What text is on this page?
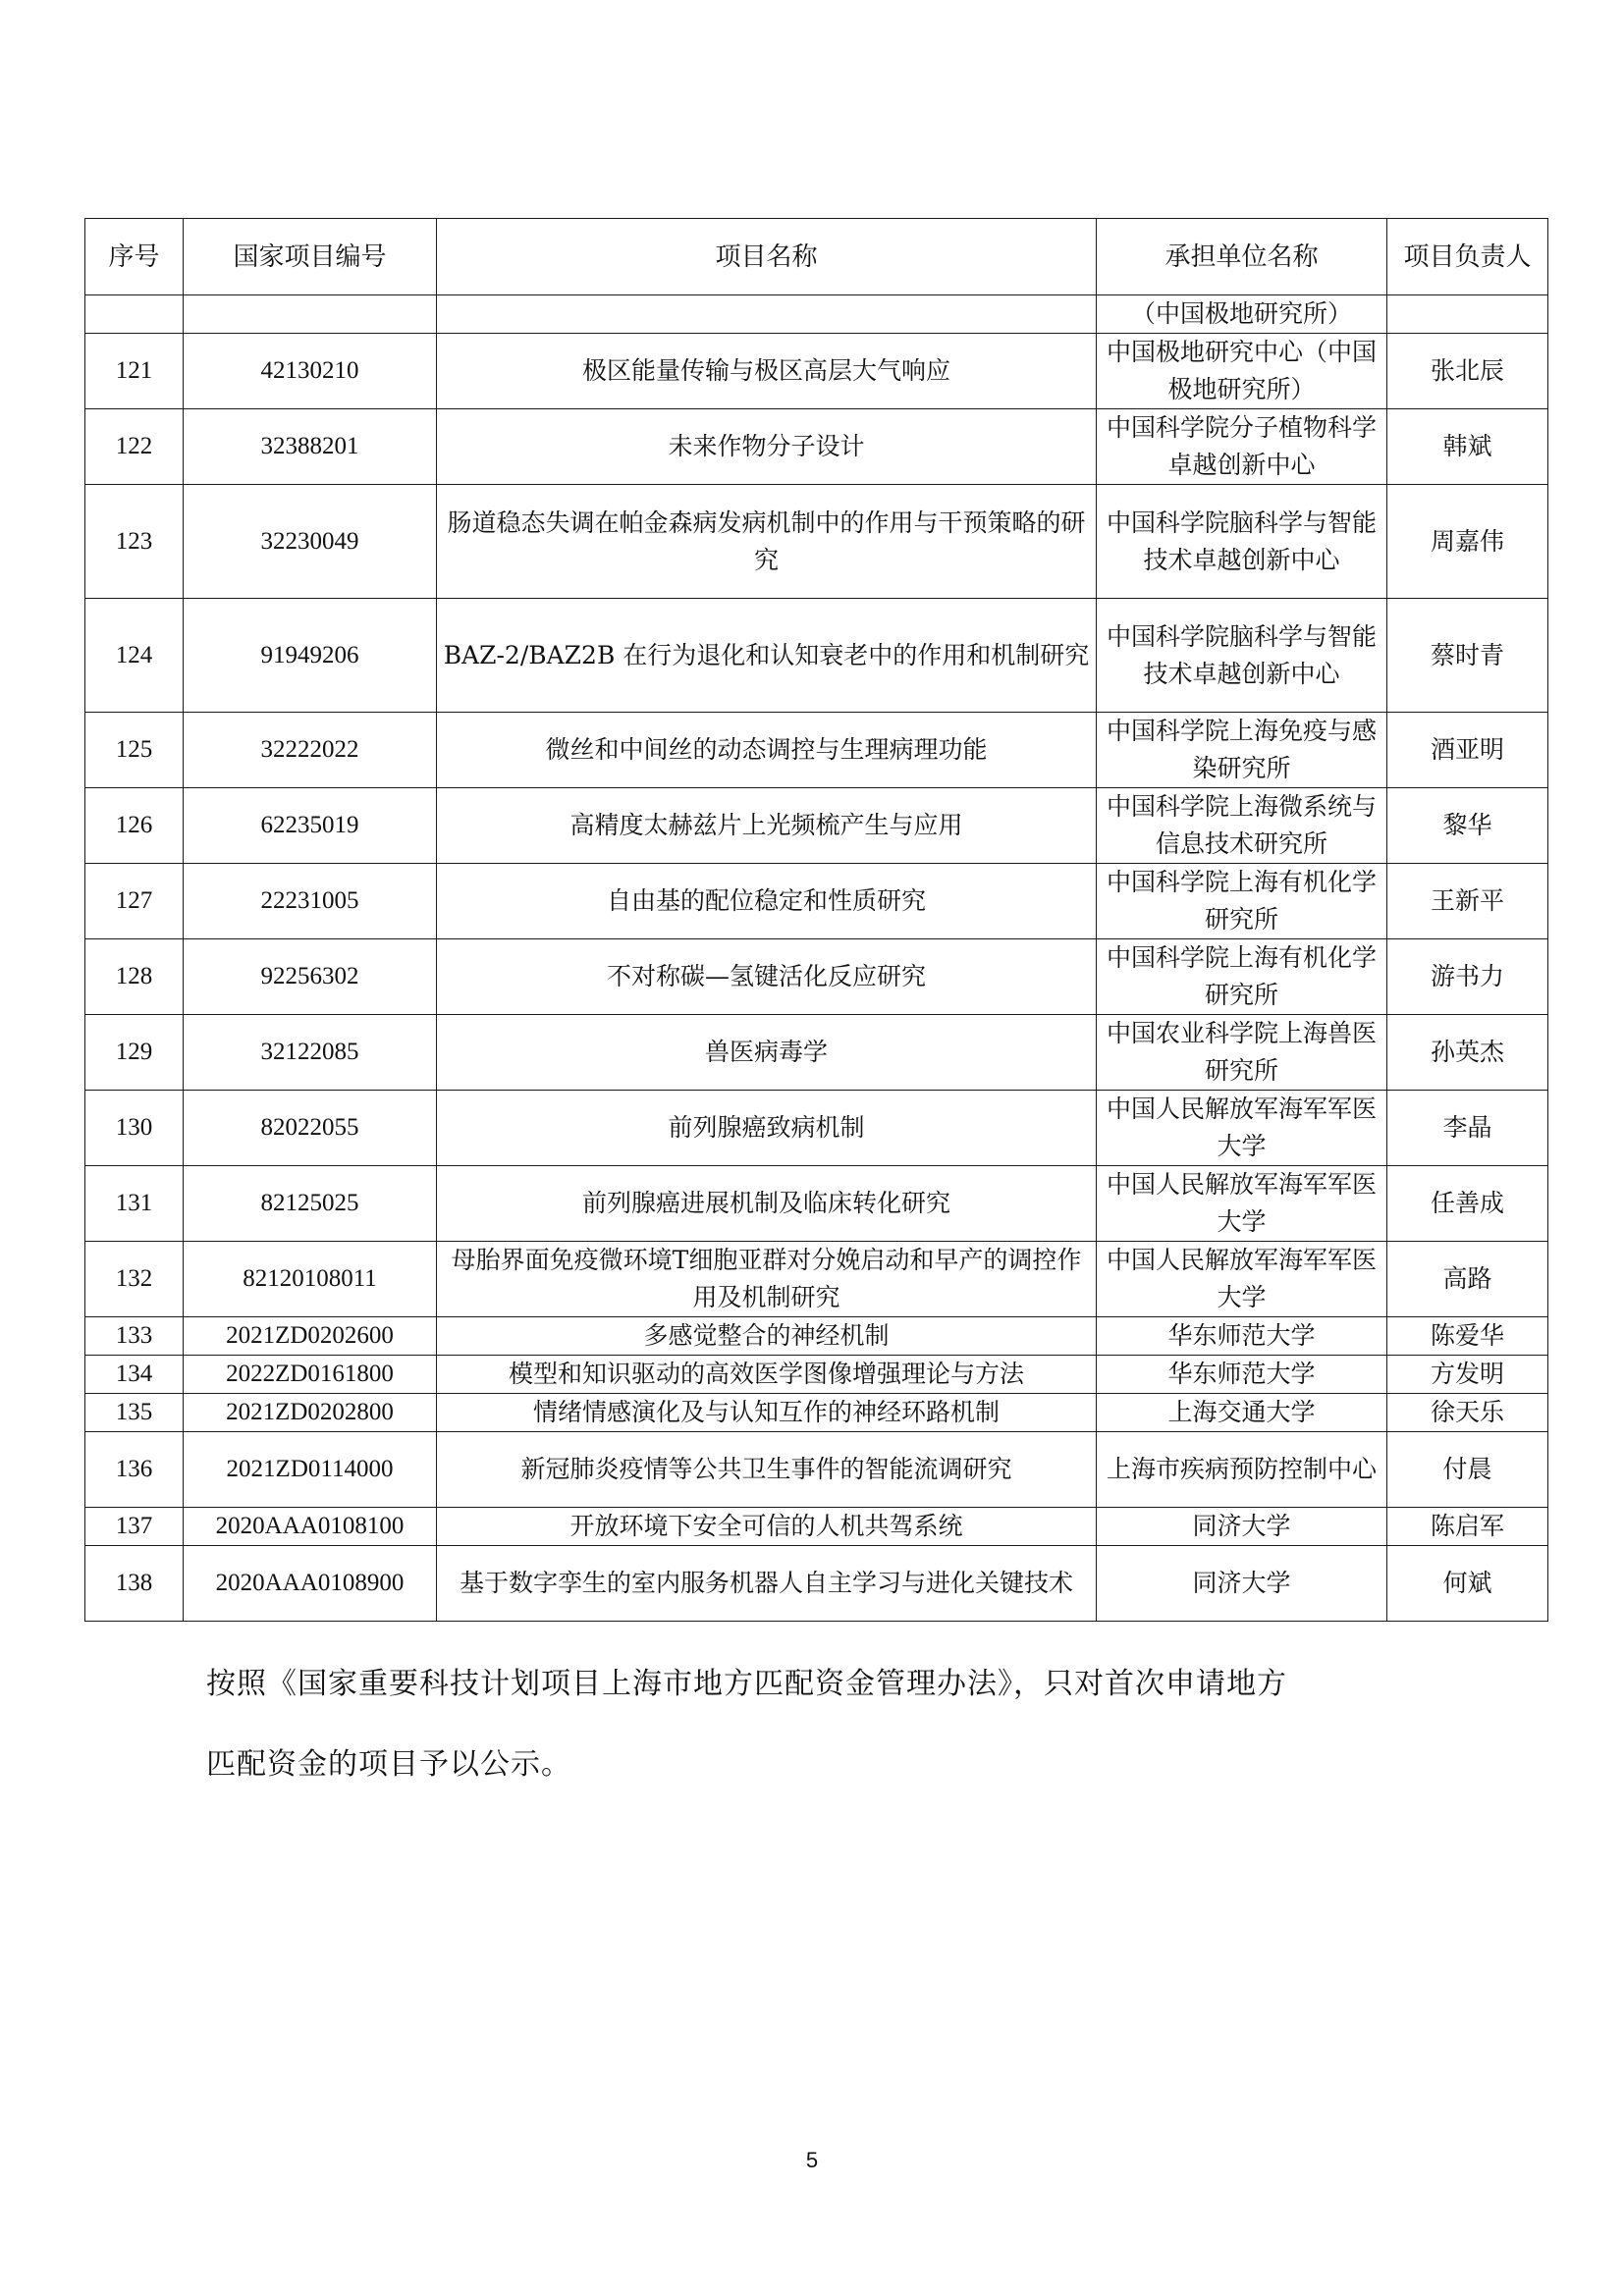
序号	国家项目编号	项目名称	承担单位名称	项目负责人
			（中国极地研究所）	
121	42130210	极区能量传输与极区高层大气响应	中国极地研究中心（中国极地研究所）	张北辰
122	32388201	未来作物分子设计	中国科学院分子植物科学卓越创新中心	韩斌
123	32230049	肠道稳态失调在帕金森病发病机制中的作用与干预策略的研究	中国科学院脑科学与智能技术卓越创新中心	周嘉伟
124	91949206	BAZ-2/BAZ2B 在行为退化和认知衰老中的作用和机制研究	中国科学院脑科学与智能技术卓越创新中心	蔡时青
125	32222022	微丝和中间丝的动态调控与生理病理功能	中国科学院上海免疫与感染研究所	酒亚明
126	62235019	高精度太赫兹片上光频梳产生与应用	中国科学院上海微系统与信息技术研究所	黎华
127	22231005	自由基的配位稳定和性质研究	中国科学院上海有机化学研究所	王新平
128	92256302	不对称碳—氢键活化反应研究	中国科学院上海有机化学研究所	游书力
129	32122085	兽医病毒学	中国农业科学院上海兽医研究所	孙英杰
130	82022055	前列腺癌致病机制	中国人民解放军海军军医大学	李晶
131	82125025	前列腺癌进展机制及临床转化研究	中国人民解放军海军军医大学	任善成
132	82120108011	母胎界面免疫微环境T细胞亚群对分娩启动和早产的调控作用及机制研究	中国人民解放军海军军医大学	高路
133	2021ZD0202600	多感觉整合的神经机制	华东师范大学	陈爱华
134	2022ZD0161800	模型和知识驱动的高效医学图像增强理论与方法	华东师范大学	方发明
135	2021ZD0202800	情绪情感演化及与认知互作的神经环路机制	上海交通大学	徐天乐
136	2021ZD0114000	新冠肺炎疫情等公共卫生事件的智能流调研究	上海市疾病预防控制中心	付晨
137	2020AAA0108100	开放环境下安全可信的人机共驾系统	同济大学	陈启军
138	2020AAA0108900	基于数字孪生的室内服务机器人自主学习与进化关键技术	同济大学	何斌
按照《国家重要科技计划项目上海市地方匹配资金管理办法》，只对首次申请地方
匹配资金的项目予以公示。
5
